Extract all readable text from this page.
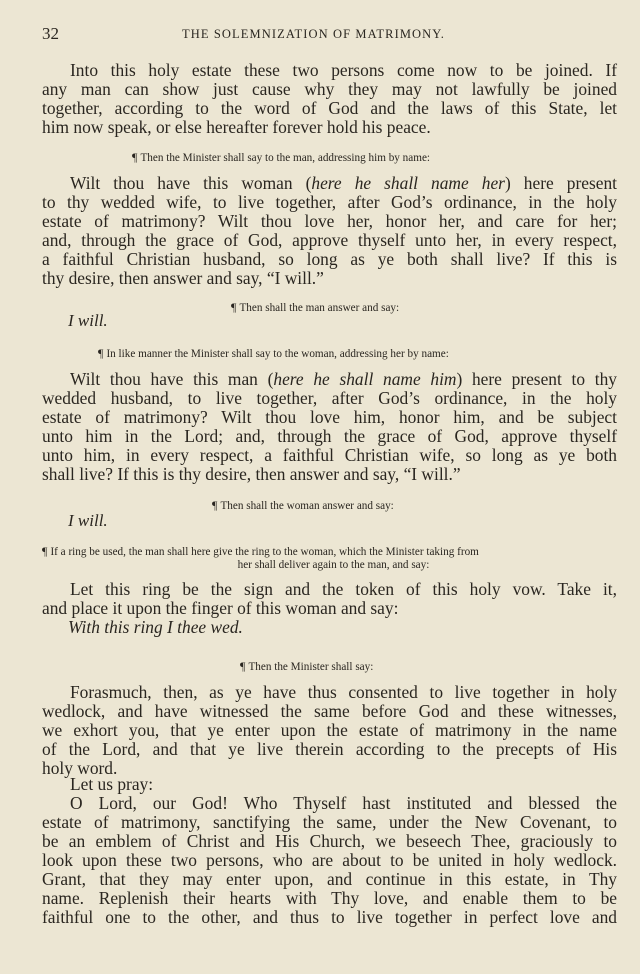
32	THE SOLEMNIZATION OF MATRIMONY.
Into this holy estate these two persons come now to be joined. If
any man can show just cause why they may not lawfully be joined
together, according to the word of God and the laws of this State, let
him now speak, or else hereafter forever hold his peace.
¶ Then the Minister shall say to the man, addressing him by name:
Wilt thou have this woman (here he shall name her) here present
to thy wedded wife, to live together, after God’s ordinance, in the holy
estate of matrimony? Wilt thou love her, honor her, and care for her;
and, through the grace of God, approve thyself unto her, in every respect,
a faithful Christian husband, so long as ye both shall live? If this is
thy desire, then answer and say, “I will.”
¶ Then shall the man answer and say:
I will.
¶ In like manner the Minister shall say to the woman, addressing her by name:
Wilt thou have this man (here he shall name him) here present to thy
wedded husband, to live together, after God’s ordinance, in the holy
estate of matrimony? Wilt thou love him, honor him, and be subject
unto him in the Lord; and, through the grace of God, approve thyself
unto him, in every respect, a faithful Christian wife, so long as ye both
shall live? If this is thy desire, then answer and say, “I will.”
¶ Then shall the woman answer and say:
I will.
¶ If a ring be used, the man shall here give the ring to the woman, which the Minister taking from
her shall deliver again to the man, and say:
Let this ring be the sign and the token of this holy vow. Take it,
and place it upon the finger of this woman and say:
With this ring I thee wed.
¶ Then the Minister shall say:
Forasmuch, then, as ye have thus consented to live together in holy
wedlock, and have witnessed the same before God and these witnesses,
we exhort you, that ye enter upon the estate of matrimony in the name
of the Lord, and that ye live therein according to the precepts of His
holy word.
Let us pray:
O Lord, our God! Who Thyself hast instituted and blessed the
estate of matrimony, sanctifying the same, under the New Covenant, to
be an emblem of Christ and His Church, we beseech Thee, graciously to
look upon these two persons, who are about to be united in holy wedlock.
Grant, that they may enter upon, and continue in this estate, in Thy
name. Replenish their hearts with Thy love, and enable them to be
faithful one to the other, and thus to live together in perfect love and
